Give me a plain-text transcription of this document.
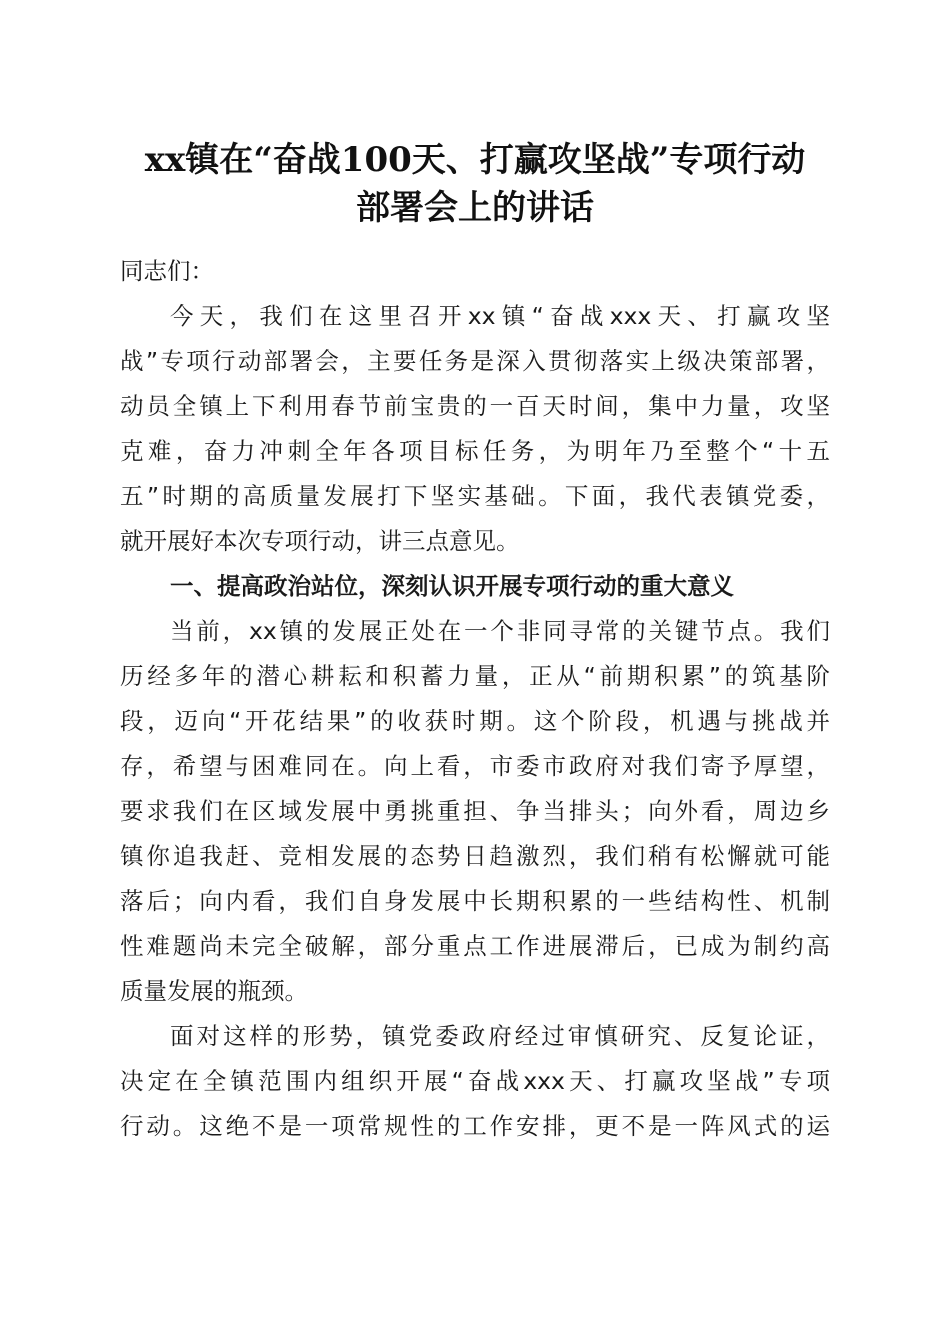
xx镇在“奋战100天、打赢攻坚战”专项行动
部署会上的讲话
同志们：
今天，我们在这里召开xx镇“奋战xxx天、打赢攻坚
战”专项行动部署会，主要任务是深入贯彻落实上级决策部署，
动员全镇上下利用春节前宝贵的一百天时间，集中力量，攻坚
克难，奋力冲刺全年各项目标任务，为明年乃至整个“十五
五”时期的高质量发展打下坚实基础。下面，我代表镇党委，
就开展好本次专项行动，讲三点意见。
一、提高政治站位，深刻认识开展专项行动的重大意义
当前，xx镇的发展正处在一个非同寻常的关键节点。我们
历经多年的潜心耕耘和积蓄力量，正从“前期积累”的筑基阶
段，迈向“开花结果”的收获时期。这个阶段，机遇与挑战并
存，希望与困难同在。向上看，市委市政府对我们寄予厚望，
要求我们在区域发展中勇挑重担、争当排头；向外看，周边乡
镇你追我赶、竞相发展的态势日趋激烈，我们稍有松懈就可能
落后；向内看，我们自身发展中长期积累的一些结构性、机制
性难题尚未完全破解，部分重点工作进展滞后，已成为制约高
质量发展的瓶颈。
面对这样的形势，镇党委政府经过审慎研究、反复论证，
决定在全镇范围内组织开展“奋战xxx天、打赢攻坚战”专项
行动。这绝不是一项常规性的工作安排，更不是一阵风式的运
